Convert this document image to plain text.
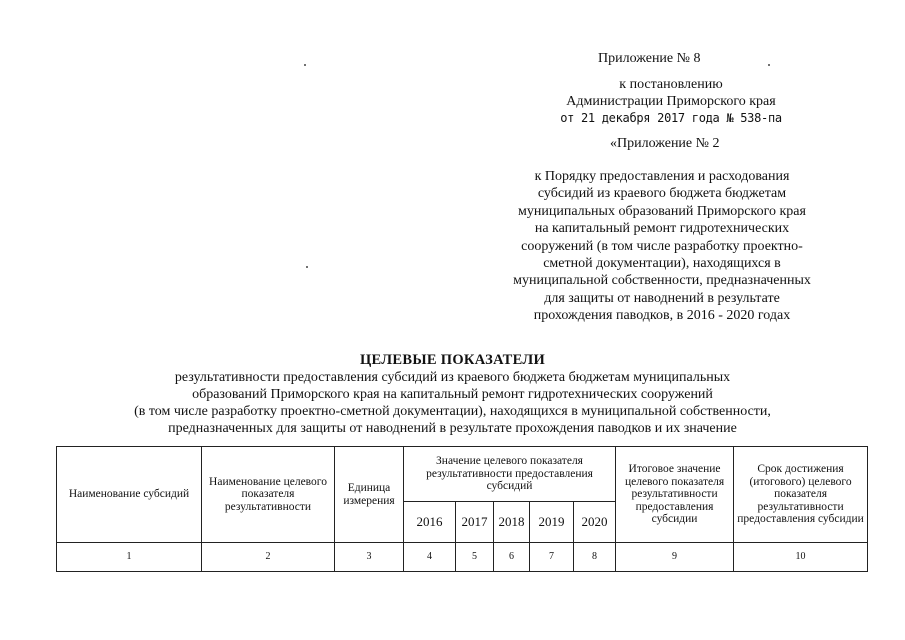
Приложение № 8
к постановлению
Администрации Приморского края
от 21 декабря 2017 года № 538-па
«Приложение № 2
к Порядку предоставления и расходования
субсидий из краевого бюджета бюджетам
муниципальных образований Приморского края
на капитальный ремонт гидротехнических
сооружений (в том числе разработку проектно-
сметной документации), находящихся в
муниципальной собственности, предназначенных
для защиты от наводнений в результате
прохождения паводков, в 2016 - 2020 годах
ЦЕЛЕВЫЕ ПОКАЗАТЕЛИ
результативности предоставления субсидий из краевого бюджета бюджетам муниципальных
образований Приморского края на капитальный ремонт гидротехнических сооружений
(в том числе разработку проектно-сметной документации), находящихся в муниципальной собственности,
предназначенных для защиты от наводнений в результате прохождения паводков и их значение
Наименование субсидий	Наименование целевого показателя результативности	Единица измерения	Значение целевого показателя результативности предоставления субсидий					Итоговое значение целевого показателя результативности предоставления субсидии	Срок достижения (итогового) целевого показателя результативности предоставления субсидии
			2016	2017	2018	2019	2020		
1	2	3	4	5	6	7	8	9	10
